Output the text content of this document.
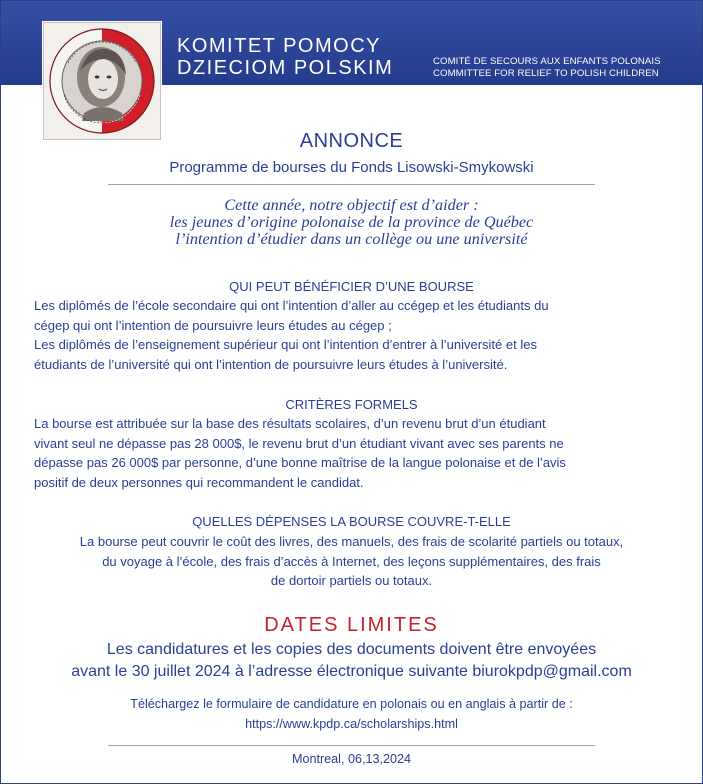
KOMITET POMOCY
DZIECIOM POLSKIM	COMITÉ DE SECOURS AUX ENFANTS POLONAIS
COMMITTEE FOR RELIEF TO POLISH CHILDREN
ANNONCE
Programme de bourses du Fonds Lisowski-Smykowski
Cette année, notre objectif est d’aider :
les jeunes d’origine polonaise de la province de Québec
l’intention d’étudier dans un collège ou une université
QUI PEUT BÉNÉFICIER D’UNE BOURSE
Les diplômés de l’école secondaire qui ont l’intention d’aller au ccégep et les étudiants du
cégep qui ont l’intention de poursuivre leurs études au cégep ;
Les diplômés de l’enseignement supérieur qui ont l’intention d’entrer à l’université et les
étudiants de l’université qui ont l’intention de poursuivre leurs études à l’université.
CRITÈRES FORMELS
La bourse est attribuée sur la base des résultats scolaires, d’un revenu brut d’un étudiant
vivant seul ne dépasse pas 28 000$, le revenu brut d’un étudiant vivant avec ses parents ne
dépasse pas 26 000$ par personne, d’une bonne maîtrise de la langue polonaise et de l’avis
positif de deux personnes qui recommandent le candidat.
QUELLES DÉPENSES LA BOURSE COUVRE-T-ELLE
La bourse peut couvrir le coût des livres, des manuels, des frais de scolarité partiels ou totaux,
du voyage à l’école, des frais d’accès à Internet, des leçons supplémentaires, des frais
de dortoir partiels ou totaux.
DATES LIMITES
Les candidatures et les copies des documents doivent être envoyées
avant le 30 juillet 2024 à l’adresse électronique suivante biurokpdp@gmail.com
Téléchargez le formulaire de candidature en polonais ou en anglais à partir de :
https://www.kpdp.ca/scholarships.html
Montreal, 06,13,2024
